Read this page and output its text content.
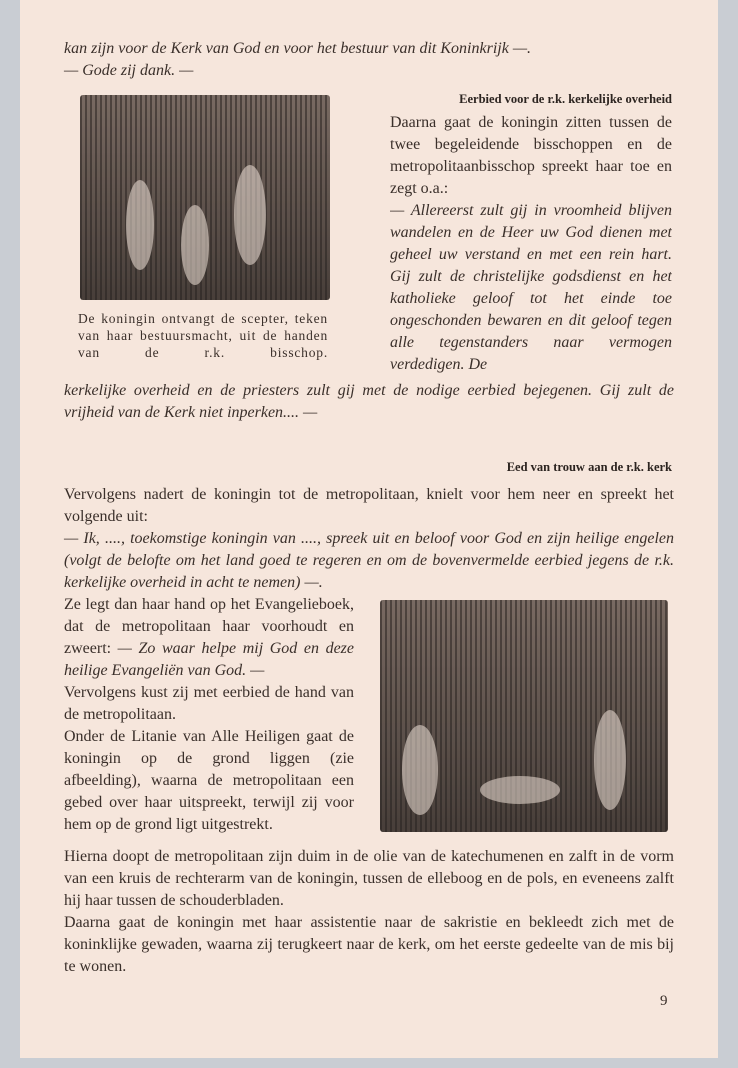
kan zijn voor de Kerk van God en voor het bestuur van dit Koninkrijk —.
— Gode zij dank. —
De koningin ontvangt de scepter, teken van haar bestuursmacht, uit de handen van de r.k. bisschop.
Eerbied voor de r.k. kerkelijke overheid
Daarna gaat de koningin zitten tussen de twee begeleidende bisschoppen en de metropolitaanbisschop spreekt haar toe en zegt o.a.:
— Allereerst zult gij in vroomheid blijven wandelen en de Heer uw God dienen met geheel uw verstand en met een rein hart. Gij zult de christelijke godsdienst en het katholieke geloof tot het einde toe ongeschonden bewaren en dit geloof tegen alle tegenstanders naar vermogen verdedigen. De
kerkelijke overheid en de priesters zult gij met de nodige eerbied bejegenen. Gij zult de vrijheid van de Kerk niet inperken.... —
Eed van trouw aan de r.k. kerk
Vervolgens nadert de koningin tot de metropolitaan, knielt voor hem neer en spreekt het volgende uit:
— Ik, ...., toekomstige koningin van ...., spreek uit en beloof voor God en zijn heilige engelen (volgt de belofte om het land goed te regeren en om de bovenvermelde eerbied jegens de r.k. kerkelijke overheid in acht te nemen) —.
Ze legt dan haar hand op het Evangelieboek, dat de metropolitaan haar voorhoudt en zweert: — Zo waar helpe mij God en deze heilige Evangeliën van God. —
Vervolgens kust zij met eerbied de hand van de metropolitaan.
Onder de Litanie van Alle Heiligen gaat de koningin op de grond liggen (zie afbeelding), waarna de metropolitaan een gebed over haar uitspreekt, terwijl zij voor hem op de grond ligt uitgestrekt.
Hierna doopt de metropolitaan zijn duim in de olie van de katechumenen en zalft in de vorm van een kruis de rechterarm van de koningin, tussen de elleboog en de pols, en eveneens zalft hij haar tussen de schouderbladen.
Daarna gaat de koningin met haar assistentie naar de sakristie en bekleedt zich met de koninklijke gewaden, waarna zij terugkeert naar de kerk, om het eerste gedeelte van de mis bij te wonen.
9
